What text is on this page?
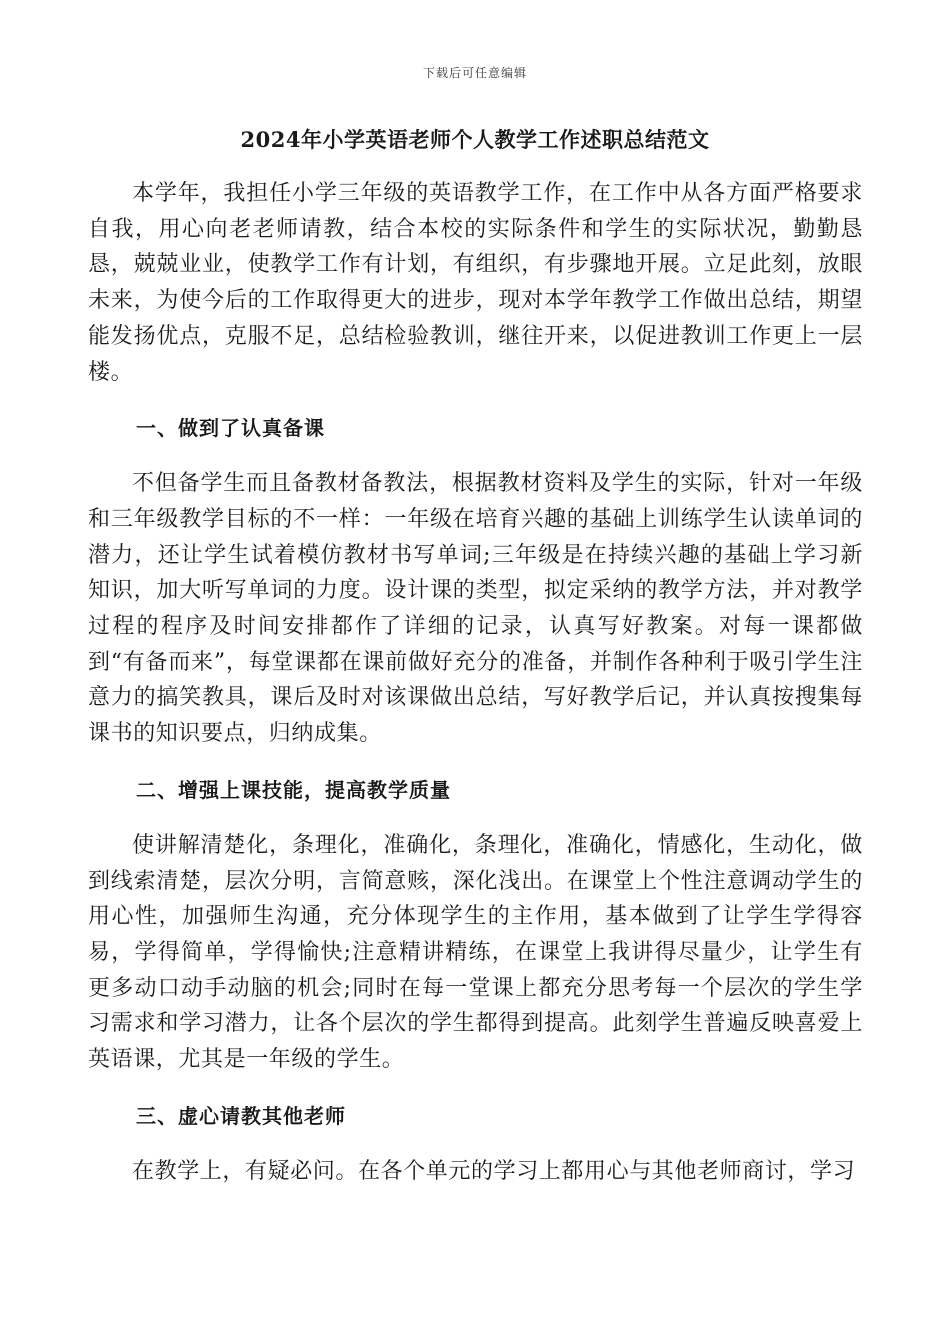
下载后可任意编辑
2024年小学英语老师个人教学工作述职总结范文

本学年，我担任小学三年级的英语教学工作，在工作中从各方面严格要求自我，用心向老老师请教，结合本校的实际条件和学生的实际状况，勤勤恳恳，兢兢业业，使教学工作有计划，有组织，有步骤地开展。立足此刻，放眼未来，为使今后的工作取得更大的进步，现对本学年教学工作做出总结，期望能发扬优点，克服不足，总结检验教训，继往开来，以促进教训工作更上一层楼。

一、做到了认真备课

不但备学生而且备教材备教法，根据教材资料及学生的实际，针对一年级和三年级教学目标的不一样：一年级在培育兴趣的基础上训练学生认读单词的潜力，还让学生试着模仿教材书写单词;三年级是在持续兴趣的基础上学习新知识，加大听写单词的力度。设计课的类型，拟定采纳的教学方法，并对教学过程的程序及时间安排都作了详细的记录，认真写好教案。对每一课都做到“有备而来”，每堂课都在课前做好充分的准备，并制作各种利于吸引学生注意力的搞笑教具，课后及时对该课做出总结，写好教学后记，并认真按搜集每课书的知识要点，归纳成集。

二、增强上课技能，提高教学质量

使讲解清楚化，条理化，准确化，条理化，准确化，情感化，生动化，做到线索清楚，层次分明，言简意赅，深化浅出。在课堂上个性注意调动学生的用心性，加强师生沟通，充分体现学生的主作用，基本做到了让学生学得容易，学得简单，学得愉快;注意精讲精练，在课堂上我讲得尽量少，让学生有更多动口动手动脑的机会;同时在每一堂课上都充分思考每一个层次的学生学习需求和学习潜力，让各个层次的学生都得到提高。此刻学生普遍反映喜爱上英语课，尤其是一年级的学生。

三、虚心请教其他老师

在教学上，有疑必问。在各个单元的学习上都用心与其他老师商讨，学习
